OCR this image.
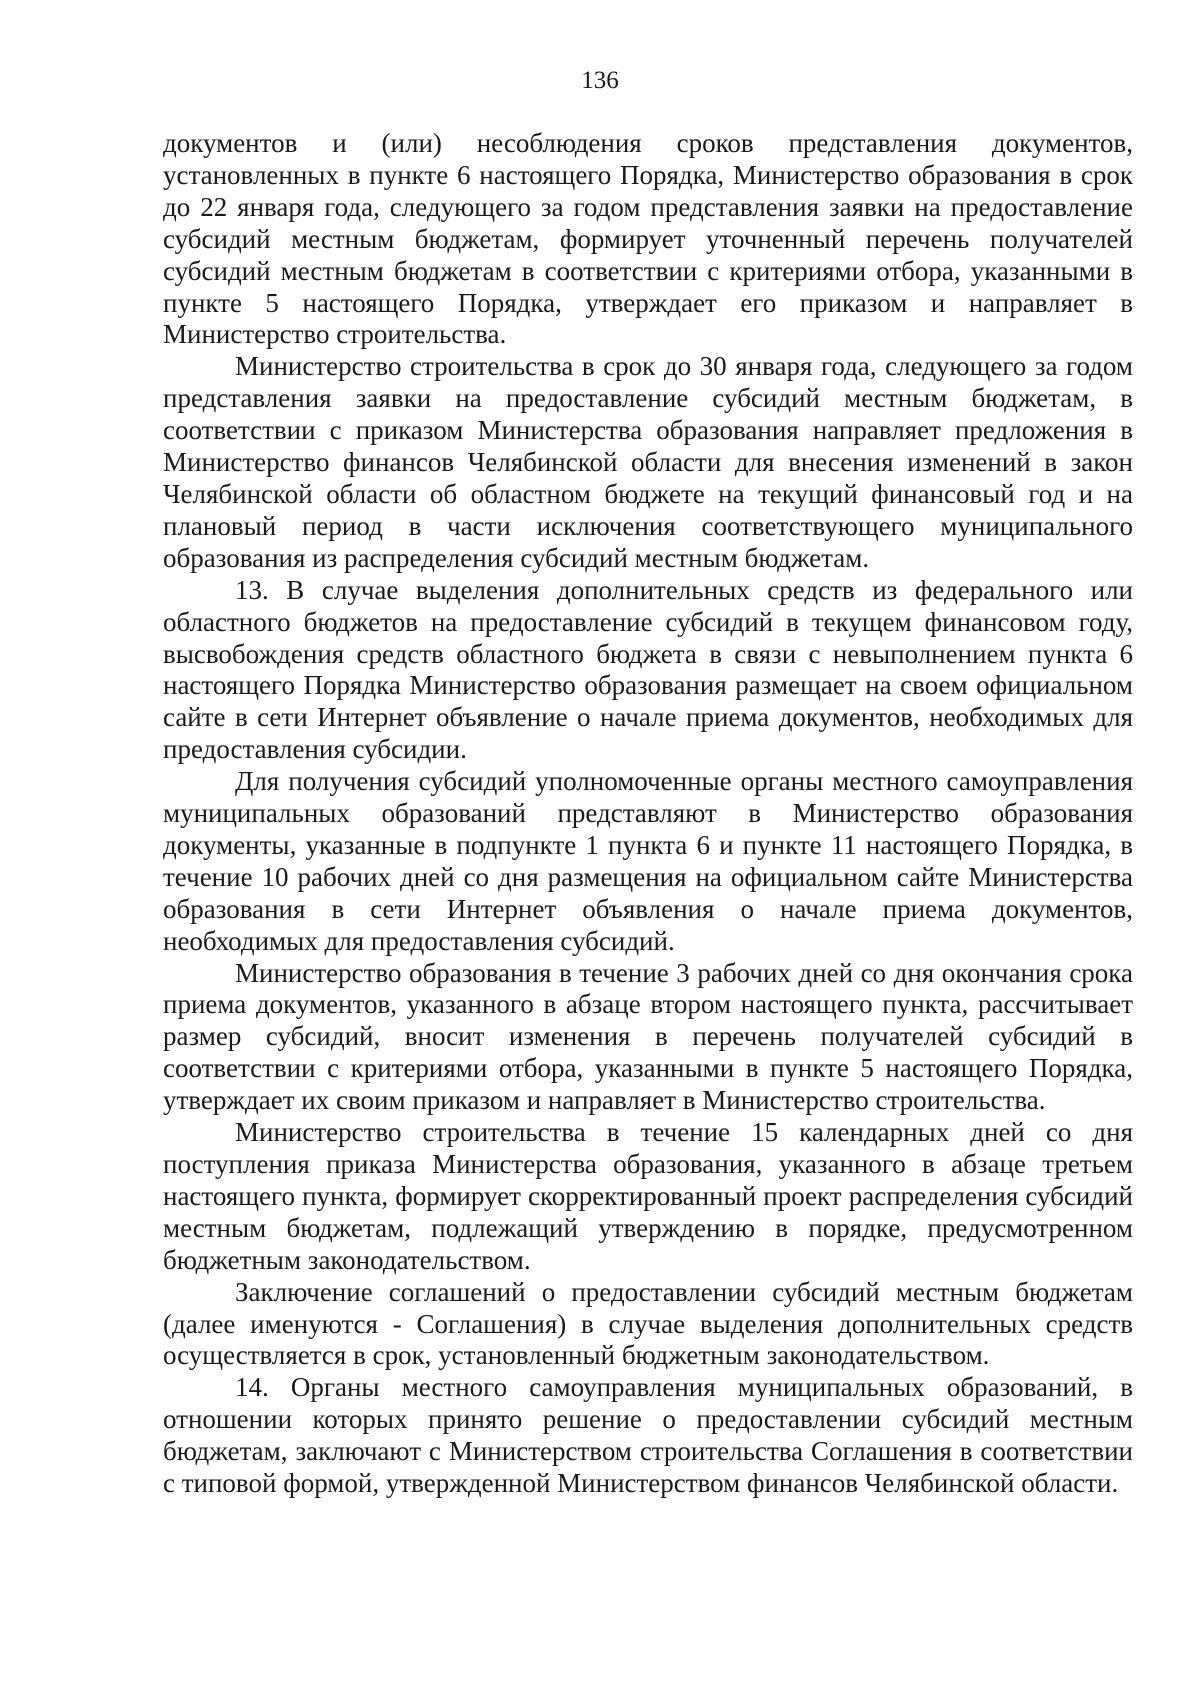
136

документов и (или) несоблюдения сроков представления документов, установленных в пункте 6 настоящего Порядка, Министерство образования в срок до 22 января года, следующего за годом представления заявки на предоставление субсидий местным бюджетам, формирует уточненный перечень получателей субсидий местным бюджетам в соответствии с критериями отбора, указанными в пункте 5 настоящего Порядка, утверждает его приказом и направляет в Министерство строительства.

Министерство строительства в срок до 30 января года, следующего за годом представления заявки на предоставление субсидий местным бюджетам, в соответствии с приказом Министерства образования направляет предложения в Министерство финансов Челябинской области для внесения изменений в закон Челябинской области об областном бюджете на текущий финансовый год и на плановый период в части исключения соответствующего муниципального образования из распределения субсидий местным бюджетам.

13. В случае выделения дополнительных средств из федерального или областного бюджетов на предоставление субсидий в текущем финансовом году, высвобождения средств областного бюджета в связи с невыполнением пункта 6 настоящего Порядка Министерство образования размещает на своем официальном сайте в сети Интернет объявление о начале приема документов, необходимых для предоставления субсидии.

Для получения субсидий уполномоченные органы местного самоуправления муниципальных образований представляют в Министерство образования документы, указанные в подпункте 1 пункта 6 и пункте 11 настоящего Порядка, в течение 10 рабочих дней со дня размещения на официальном сайте Министерства образования в сети Интернет объявления о начале приема документов, необходимых для предоставления субсидий.

Министерство образования в течение 3 рабочих дней со дня окончания срока приема документов, указанного в абзаце втором настоящего пункта, рассчитывает размер субсидий, вносит изменения в перечень получателей субсидий в соответствии с критериями отбора, указанными в пункте 5 настоящего Порядка, утверждает их своим приказом и направляет в Министерство строительства.

Министерство строительства в течение 15 календарных дней со дня поступления приказа Министерства образования, указанного в абзаце третьем настоящего пункта, формирует скорректированный проект распределения субсидий местным бюджетам, подлежащий утверждению в порядке, предусмотренном бюджетным законодательством.

Заключение соглашений о предоставлении субсидий местным бюджетам (далее именуются - Соглашения) в случае выделения дополнительных средств осуществляется в срок, установленный бюджетным законодательством.

14. Органы местного самоуправления муниципальных образований, в отношении которых принято решение о предоставлении субсидий местным бюджетам, заключают с Министерством строительства Соглашения в соответствии с типовой формой, утвержденной Министерством финансов Челябинской области.
